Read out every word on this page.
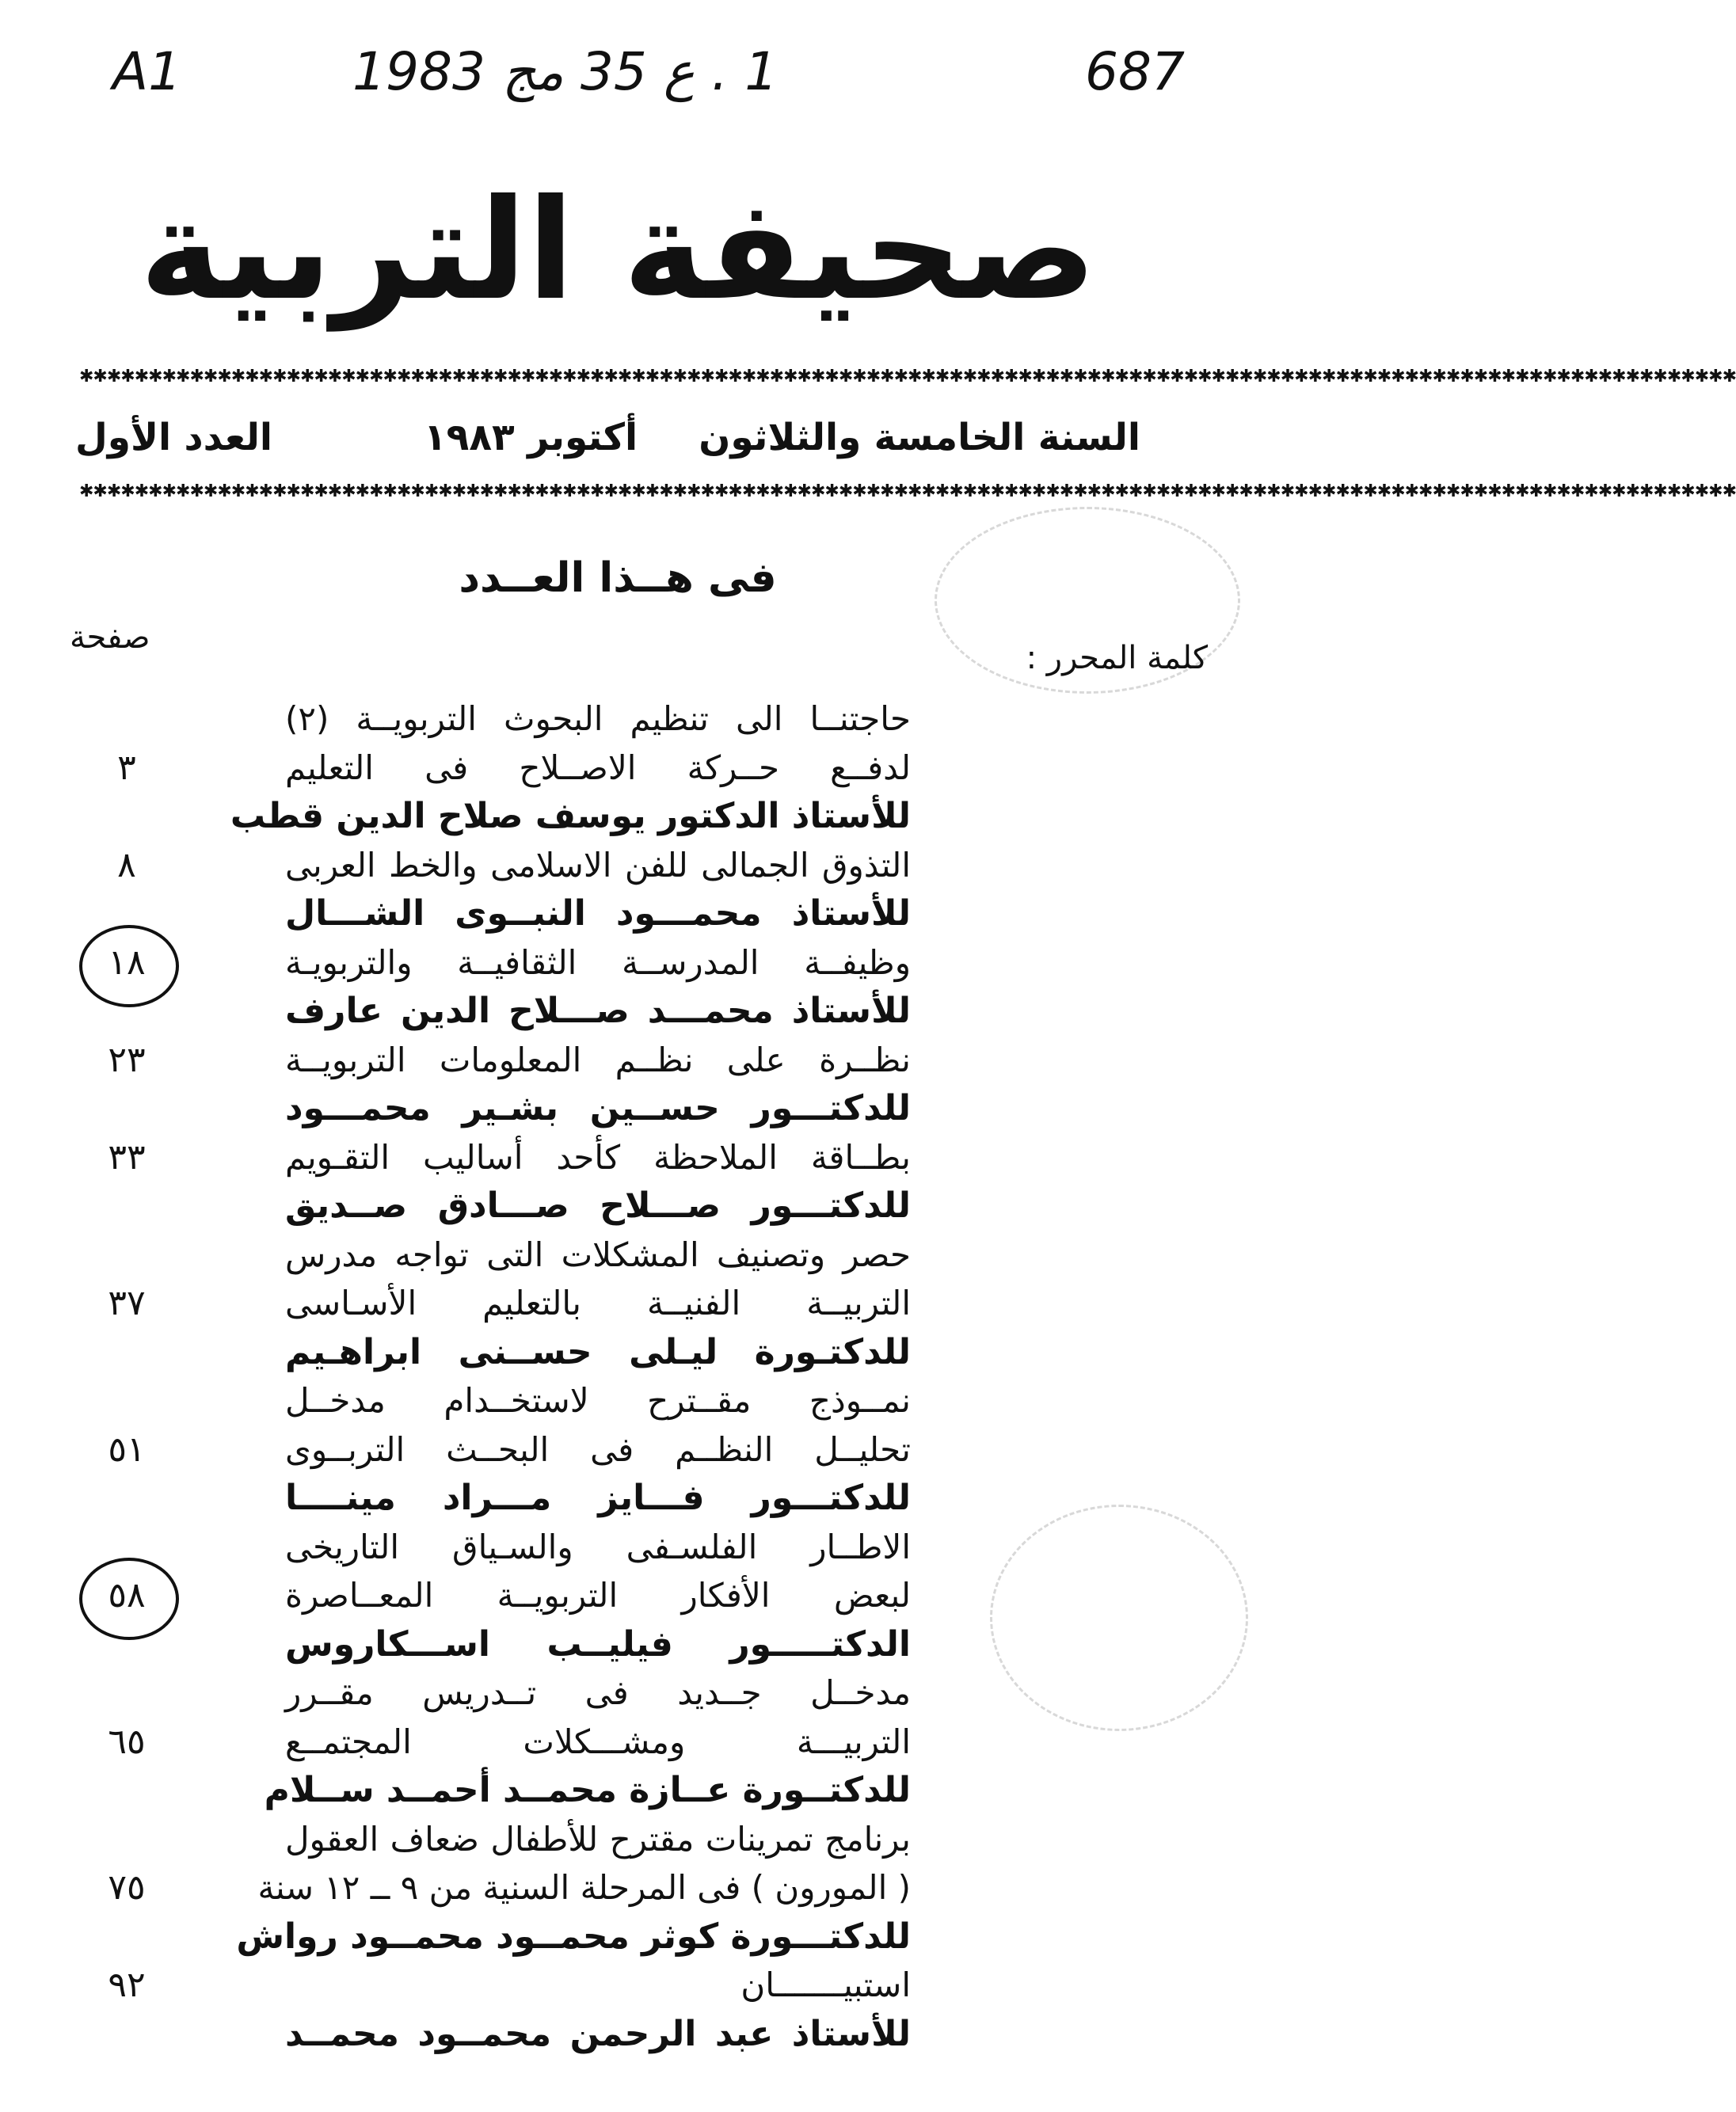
A1	1 . ع 35 مج 1983	687
صحيفة التربية
✱✱✱✱✱✱✱✱✱✱✱✱✱✱✱✱✱✱✱✱✱✱✱✱✱✱✱✱✱✱✱✱✱✱✱✱✱✱✱✱✱✱✱✱✱✱✱✱✱✱✱✱✱✱✱✱✱✱✱✱✱✱✱✱✱✱✱✱✱✱✱✱✱✱✱✱✱✱✱✱✱✱✱✱✱✱✱✱✱✱✱✱✱✱✱✱✱✱✱✱✱✱✱✱✱✱✱✱✱✱✱✱✱✱✱✱✱✱✱✱
✱✱✱✱✱✱✱✱✱✱✱✱✱✱✱✱✱✱✱✱✱✱✱✱✱✱✱✱✱✱✱✱✱✱✱✱✱✱✱✱✱✱✱✱✱✱✱✱✱✱✱✱✱✱✱✱✱✱✱✱✱✱✱✱✱✱✱✱✱✱✱✱✱✱✱✱✱✱✱✱✱✱✱✱✱✱✱✱✱✱✱✱✱✱✱✱✱✱✱✱✱✱✱✱✱✱✱✱✱✱✱✱✱✱✱✱✱✱✱✱
السنة الخامسة والثلاثون
أكتوبر ١٩٨٣
العدد الأول
فى هــذا العــدد
صفحة
كلمة المحرر :
حاجتنــا الى تنظيم البحوث التربويــة (٢)
لدفــع حــركة الاصــلاح فى التعليم
٣
للأستاذ الدكتور يوسف صلاح الدين قطب
التذوق الجمالى للفن الاسلامى والخط العربى
٨
للأستاذ محمـــود النبــوى الشـــال
وظيفــة المدرســة الثقافيــة والتربويـة
١٨
للأستاذ محمـــد صـــلاح الدين عارف
نظــرة على نظــم المعلومات التربويــة
٢٣
للدكتـــور حســين بشـير محمـــود
بطــاقة الملاحظة كأحد أساليب التقـويم
٣٣
للدكتـــور صـــلاح صـــادق صــديق
حصر وتصنيف المشكلات التى تواجه مدرس
التربيــة الفنيــة بالتعليم الأسـاسى
٣٧
للدكتـورة ليـلى حســنى ابراهـيم
نمــوذج مقــترح لاستخــدام مدخــل
تحليــل النظــم فى البحــث التربــوى
٥١
للدكتـــور فـــايز مـــراد مينــــا
الاطــار الفلسـفى والسـياق التاريخى
لبعض الأفكار التربويــة المعــاصرة
٥٨
الدكتـــــور فيليــب اســـكاروس
مدخــل جــديد فى تــدريس مقــرر
التربيـــة ومشـــكلات المجتمــع
٦٥
للدكتــورة عــازة محمــد أحمــد ســلام
برنامج تمرينات مقترح للأطفال ضعاف العقول
( المورون ) فى المرحلة السنية من ٩ ــ ١٢ سنة
٧٥
للدكتـــورة كوثر محمــود محمــود رواش
استبيـــــــان
٩٢
للأستاذ عبد الرحمن محمــود محمــد
